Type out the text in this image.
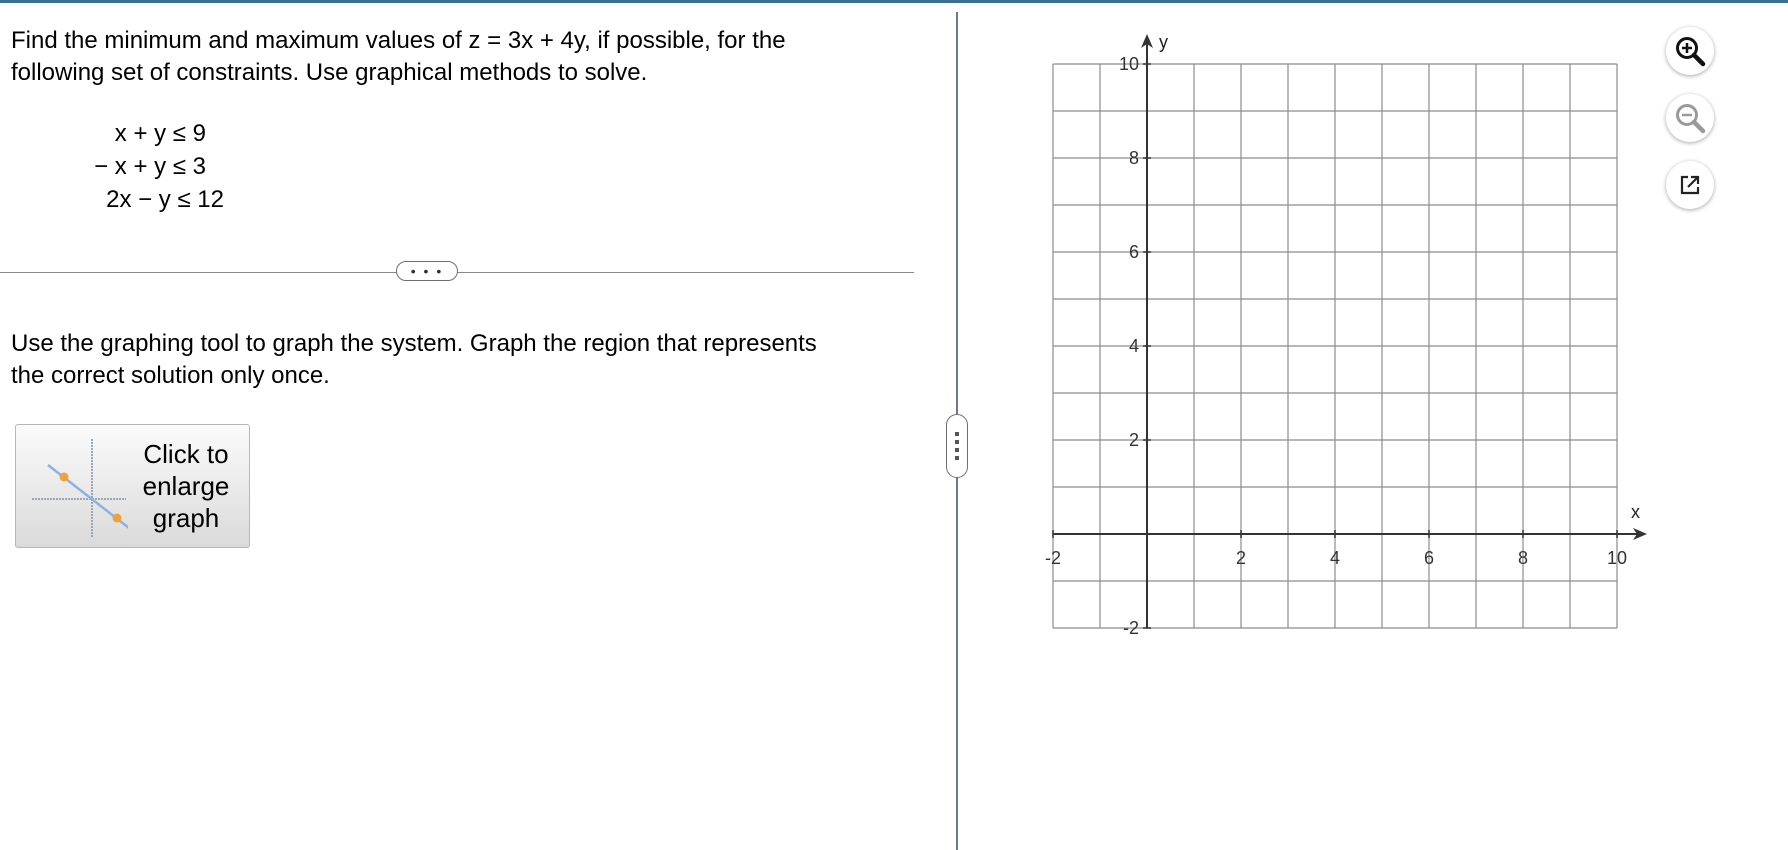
Find the minimum and maximum values of z = 3x + 4y, if possible, for the
following set of constraints. Use graphical methods to solve.
x + y ≤ 9
− x + y ≤ 3
2x − y ≤ 12
• • •
Use the graphing tool to graph the system. Graph the region that represents
the correct solution only once.
Click to
enlarge
graph	x
y
-2	2	4	6	8	10
10
8
6
4
2
-2
